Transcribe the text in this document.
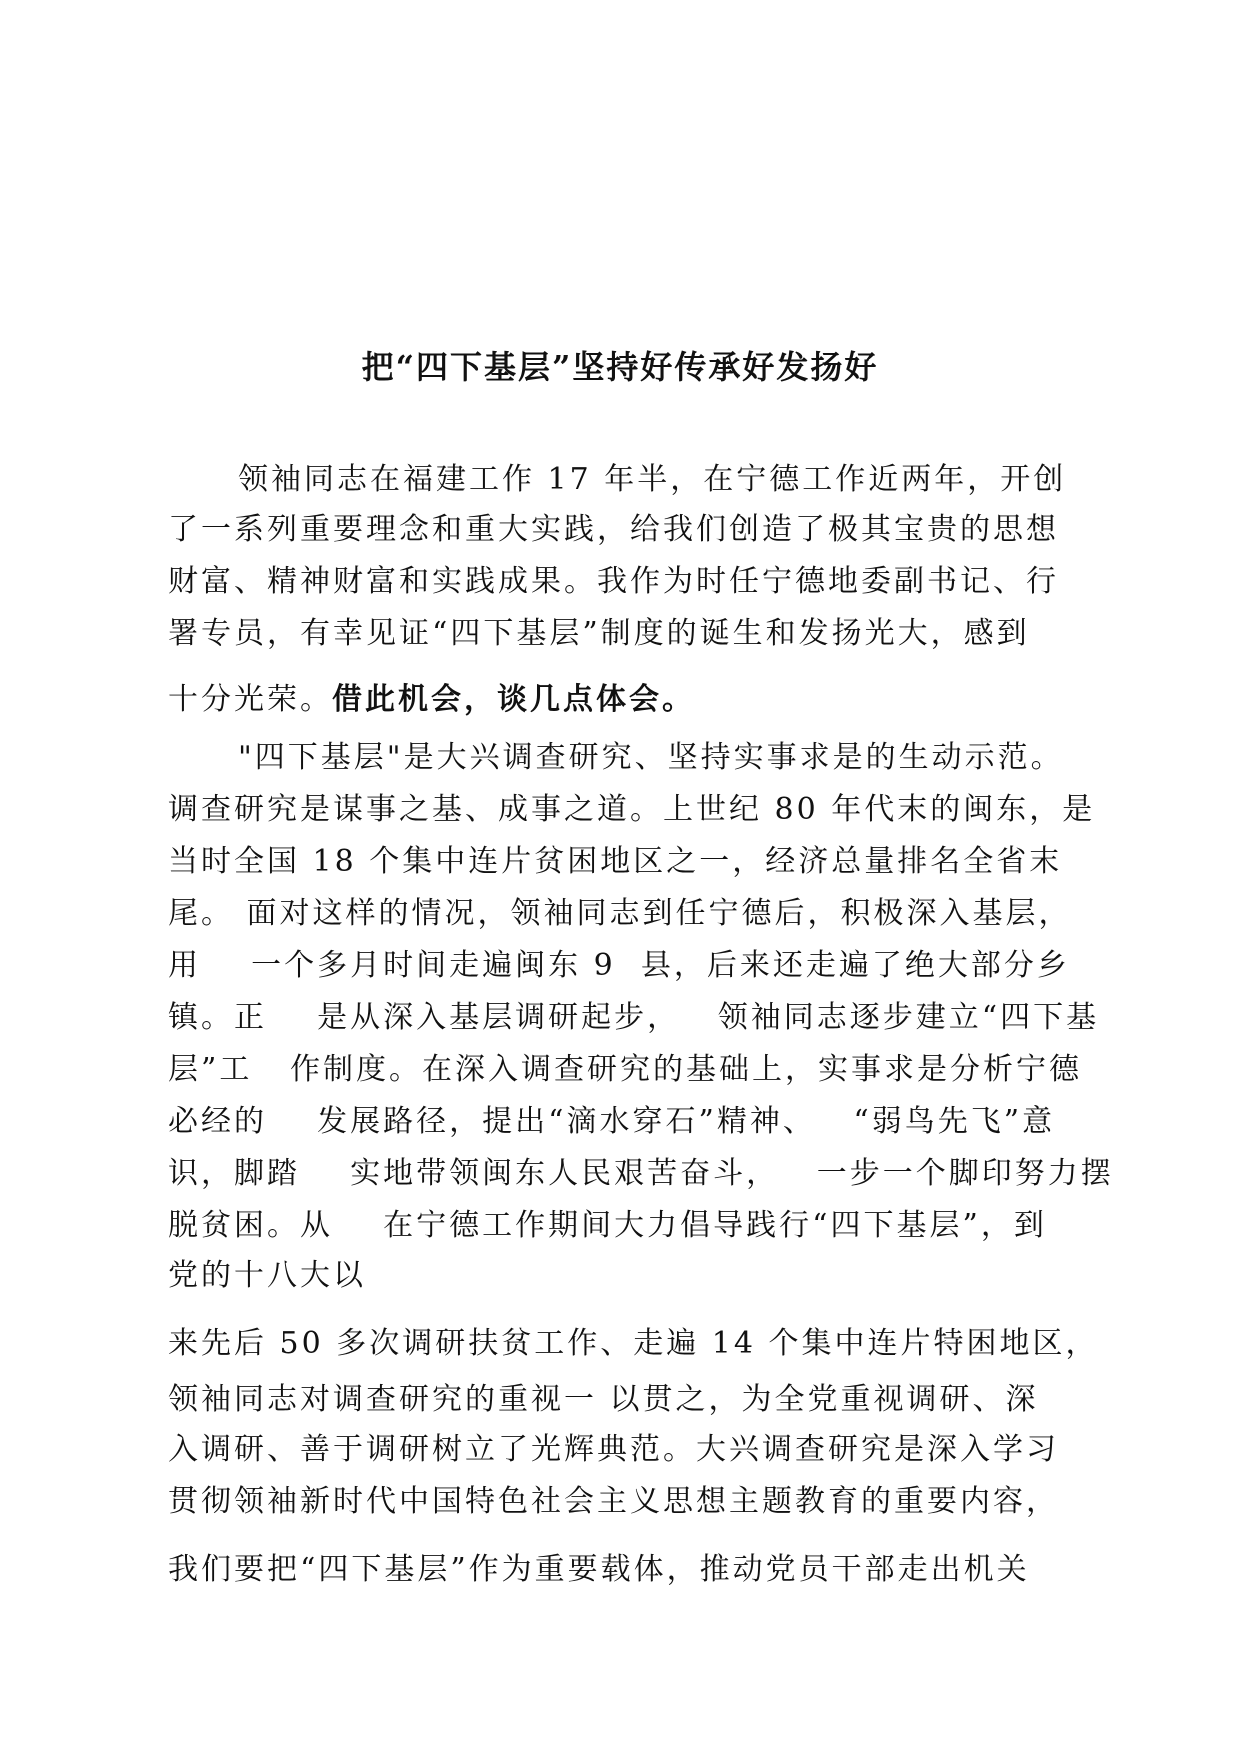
把“四下基层”坚持好传承好发扬好
领袖同志在福建工作 17 年半，在宁德工作近两年，开创
了一系列重要理念和重大实践，给我们创造了极其宝贵的思想
财富、精神财富和实践成果。我作为时任宁德地委副书记、行
署专员，有幸见证“四下基层”制度的诞生和发扬光大，感到
十分光荣。 借此机会，谈几点体会。
"四下基层"是大兴调查研究、坚持实事求是的生动示范。
调查研究是谋事之基、成事之道。上世纪 80 年代末的闽东，是
当时全国 18 个集中连片贫困地区之一，经济总量排名全省末
尾。 面对这样的情况，领袖同志到任宁德后，积极深入基层，
用    一个多月时间走遍闽东 9  县，后来还走遍了绝大部分乡
镇。正    是从深入基层调研起步，   领袖同志逐步建立“四下基
层”工   作制度。在深入调查研究的基础上，实事求是分析宁德
必经的    发展路径，提出“滴水穿石”精神、   “弱鸟先飞”意
识，脚踏    实地带领闽东人民艰苦奋斗，   一步一个脚印努力摆
脱贫困。从    在宁德工作期间大力倡导践行“四下基层”，到
党的十八大以
来先后 50 多次调研扶贫工作、走遍 14 个集中连片特困地区，
领袖同志对调查研究的重视一 以贯之，为全党重视调研、深
入调研、善于调研树立了光辉典范。大兴调查研究是深入学习
贯彻领袖新时代中国特色社会主义思想主题教育的重要内容，
我们要把“四下基层”作为重要载体，推动党员干部走出机关
